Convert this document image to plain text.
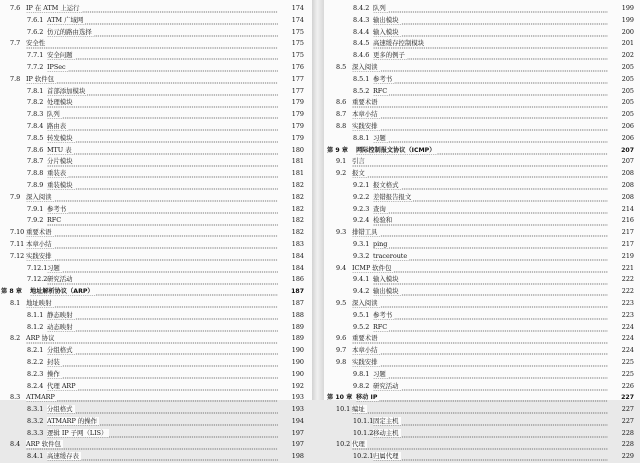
7.6 IP 在 ATM 上运行	174
7.6.1 ATM 广域网	174
7.6.2 仿元的路由选择	175
7.7 安全性	175
7.7.1 安全问题	175
7.7.2 IPSec	176
7.8 IP 软件包	177
7.8.1 首部添加模块	177
7.8.2 处理模块	179
7.8.3 队列	179
7.8.4 路由表	179
7.8.5 转发模块	179
7.8.6 MTU 表	180
7.8.7 分片模块	181
7.8.8 重装表	181
7.8.9 重装模块	182
7.9 深入阅读	182
7.9.1 参考书	182
7.9.2 RFC	182
7.10 重要术语	182
7.11 本章小结	183
7.12 实践安排	184
7.12.1 习题	184
7.12.2 研究活动	186
第 8 章 地址解析协议（ARP）	187
8.1 地址映射	187
8.1.1 静态映射	188
8.1.2 动态映射	189
8.2 ARP 协议	189
8.2.1 分组格式	190
8.2.2 封装	190
8.2.3 操作	190
8.2.4 代理 ARP	192
8.3 ATMARP	193
8.3.1 分组格式	193
8.3.2 ATMARP 的操作	194
8.3.3 逻辑 IP 子网（LIS）	197
8.4 ARP 软件包	197
8.4.1 高速缓存表	198
8.4.2 队列	199
8.4.3 输出模块	199
8.4.4 输入模块	200
8.4.5 高速缓存控制模块	201
8.4.6 更多的例子	202
8.5 深入阅读	205
8.5.1 参考书	205
8.5.2 RFC	205
8.6 重要术语	205
8.7 本章小结	205
8.8 实践安排	206
8.8.1 习题	206
第 9 章 网际控制报文协议（ICMP）	207
9.1 引言	207
9.2 报文	208
9.2.1 报文格式	208
9.2.2 差错报告报文	208
9.2.3 查询	214
9.2.4 检验和	216
9.3 排错工具	217
9.3.1 ping	217
9.3.2 traceroute	219
9.4 ICMP 软件包	221
9.4.1 输入模块	222
9.4.2 输出模块	222
9.5 深入阅读	223
9.5.1 参考书	223
9.5.2 RFC	224
9.6 重要术语	224
9.7 本章小结	224
9.8 实践安排	225
9.8.1 习题	225
9.8.2 研究活动	226
第 10 章 移动 IP	227
10.1 编址	227
10.1.1 固定主机	227
10.1.2 移动主机	228
10.2 代理	228
10.2.1 归属代理	229
